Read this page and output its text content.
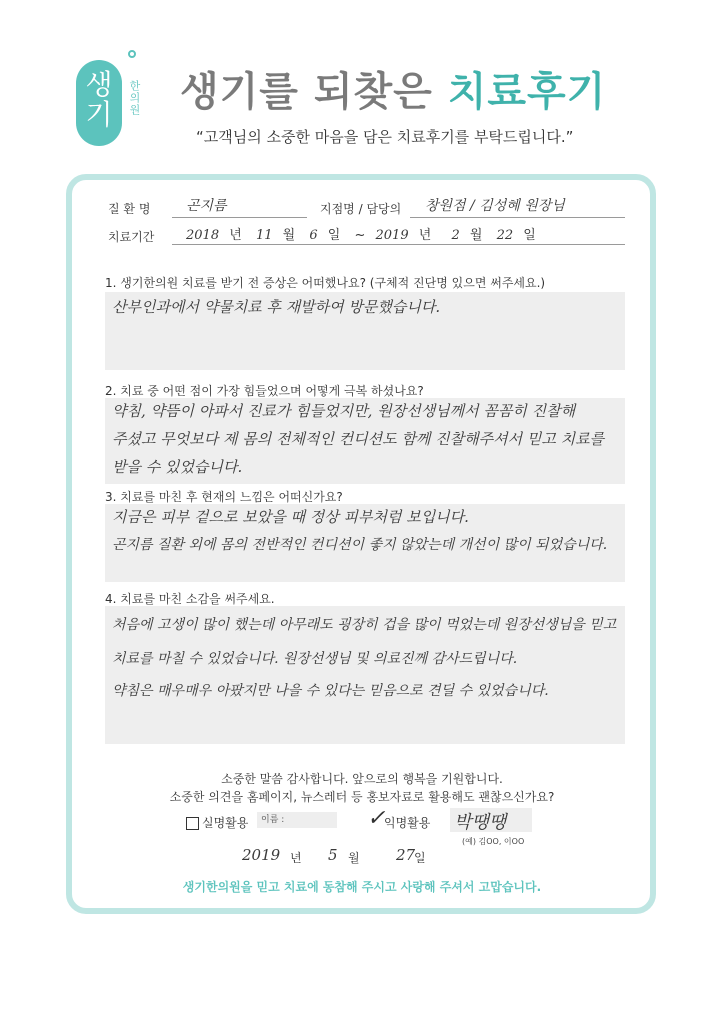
생기	한의원 생기를 되찾은 치료후기
“고객님의 소중한 마음을 담은 치료후기를 부탁드립니다.”
질 환 명	곤지름	지점명 / 담당의 창원점 / 김성혜 원장님
치료기간 2018 년 11 월 6 일 ~ 2019 년 2 월 22 일
1. 생기한의원 치료를 받기 전 증상은 어떠했나요? (구체적 진단명 있으면 써주세요.)
산부인과에서 약물치료 후 재발하여 방문했습니다.
2. 치료 중 어떤 점이 가장 힘들었으며 어떻게 극복 하셨나요?
약침, 약뜸이 아파서 진료가 힘들었지만, 원장선생님께서 꼼꼼히 진찰해
주셨고 무엇보다 제 몸의 전체적인 컨디션도 함께 진찰해주셔서 믿고 치료를
받을 수 있었습니다.
3. 치료를 마친 후 현재의 느낌은 어떠신가요?
지금은 피부 겉으로 보았을 때 정상 피부처럼 보입니다.
곤지름 질환 외에 몸의 전반적인 컨디션이 좋지 않았는데 개선이 많이 되었습니다.
4. 치료를 마친 소감을 써주세요.
처음에 고생이 많이 했는데 아무래도 굉장히 겁을 많이 먹었는데 원장선생님을 믿고
치료를 마칠 수 있었습니다. 원장선생님 및 의료진께 감사드립니다.
약침은 매우매우 아팠지만 나을 수 있다는 믿음으로 견딜 수 있었습니다.
소중한 말씀 감사합니다. 앞으로의 행복을 기원합니다.
소중한 의견을 홈페이지, 뉴스레터 등 홍보자료로 활용해도 괜찮으신가요?
실명활용	이름 :	✓
익명활용 박땡땡
(예) 김OO, 이OO
2019 년 5 월 27
일
생기한의원을 믿고 치료에 동참해 주시고 사랑해 주셔서 고맙습니다.
